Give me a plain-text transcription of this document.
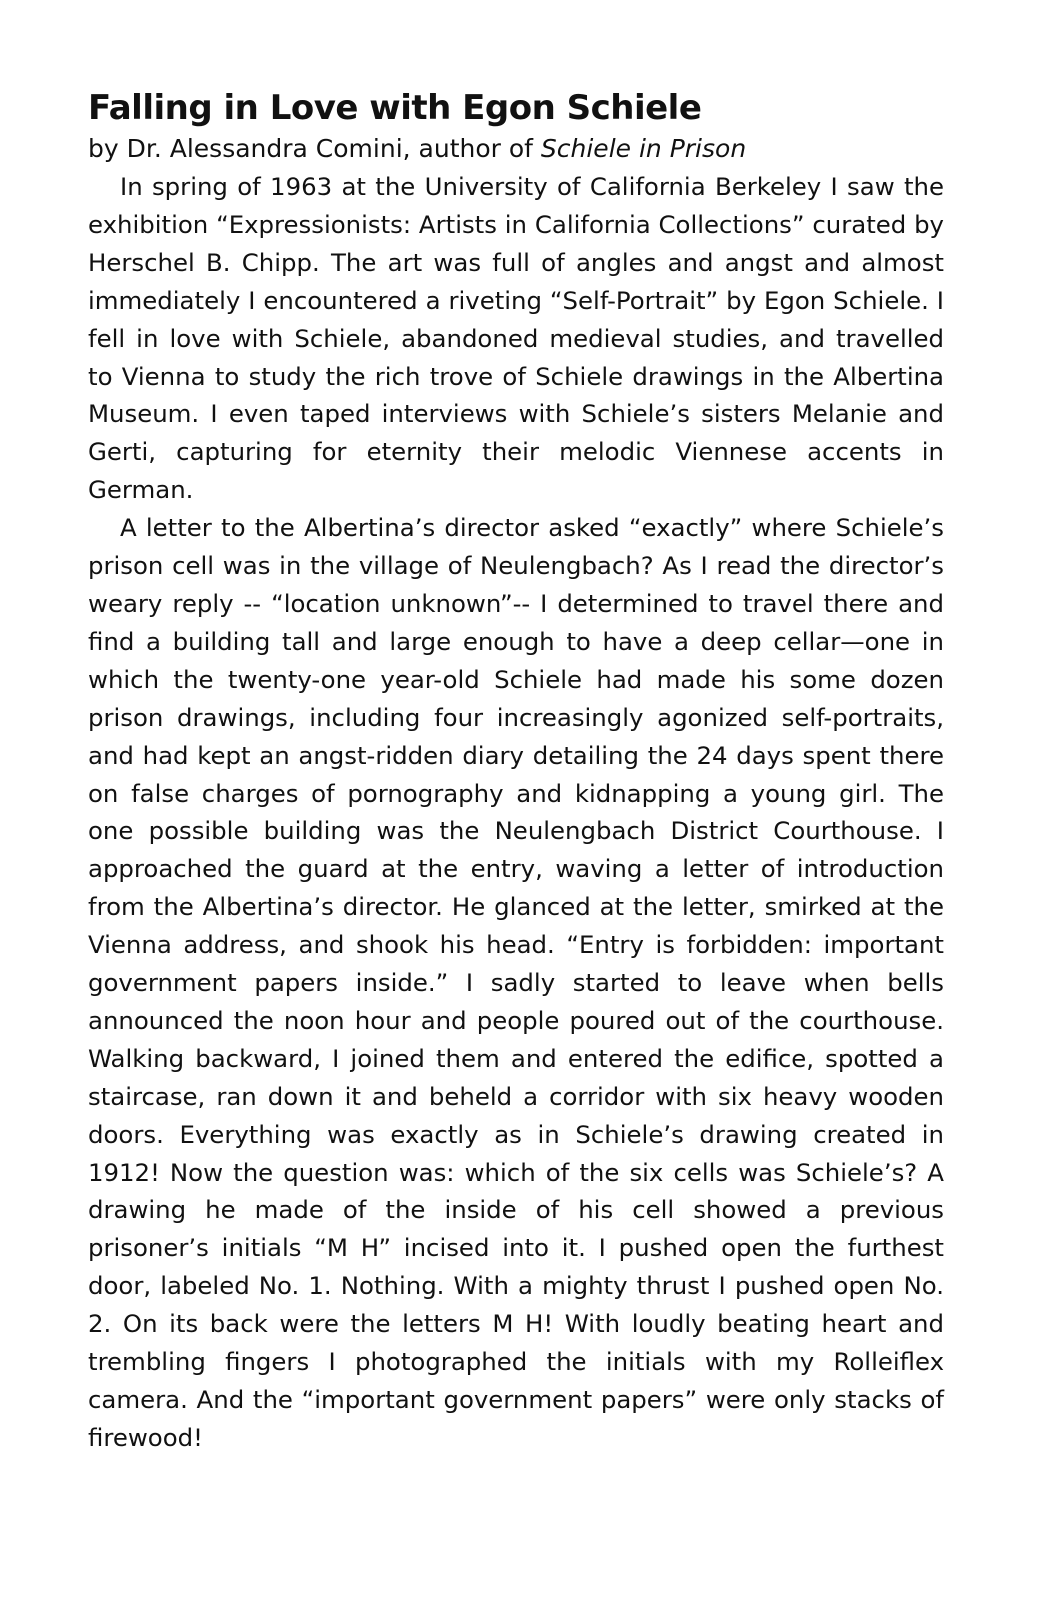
Falling in Love with Egon Schiele

by Dr. Alessandra Comini, author of Schiele in Prison

In spring of 1963 at the University of California Berkeley I saw the exhibition “Expressionists: Artists in California Collections” curated by Herschel B. Chipp. The art was full of angles and angst and almost immediately I encountered a riveting “Self-Portrait” by Egon Schiele. I fell in love with Schiele, abandoned medieval studies, and travelled to Vienna to study the rich trove of Schiele drawings in the Albertina Museum. I even taped interviews with Schiele’s sisters Melanie and Gerti, capturing for eternity their melodic Viennese accents in German.

A letter to the Albertina’s director asked “exactly” where Schiele’s prison cell was in the village of Neulengbach? As I read the director’s weary reply -- “location unknown”-- I determined to travel there and find a building tall and large enough to have a deep cellar—one in which the twenty-one year-old Schiele had made his some dozen prison drawings, including four increasingly agonized self-portraits, and had kept an angst-ridden diary detailing the 24 days spent there on false charges of pornography and kidnapping a young girl. The one possible building was the Neulengbach District Courthouse. I approached the guard at the entry, waving a letter of introduction from the Albertina’s director. He glanced at the letter, smirked at the Vienna address, and shook his head. “Entry is forbidden: important government papers inside.” I sadly started to leave when bells announced the noon hour and people poured out of the courthouse. Walking backward, I joined them and entered the edifice, spotted a staircase, ran down it and beheld a corridor with six heavy wooden doors. Everything was exactly as in Schiele’s drawing created in 1912! Now the question was: which of the six cells was Schiele’s? A drawing he made of the inside of his cell showed a previous prisoner’s initials “M H” incised into it. I pushed open the furthest door, labeled No. 1. Nothing. With a mighty thrust I pushed open No. 2. On its back were the letters M H! With loudly beating heart and trembling fingers I photographed the initials with my Rolleiflex camera. And the “important government papers” were only stacks of firewood!
